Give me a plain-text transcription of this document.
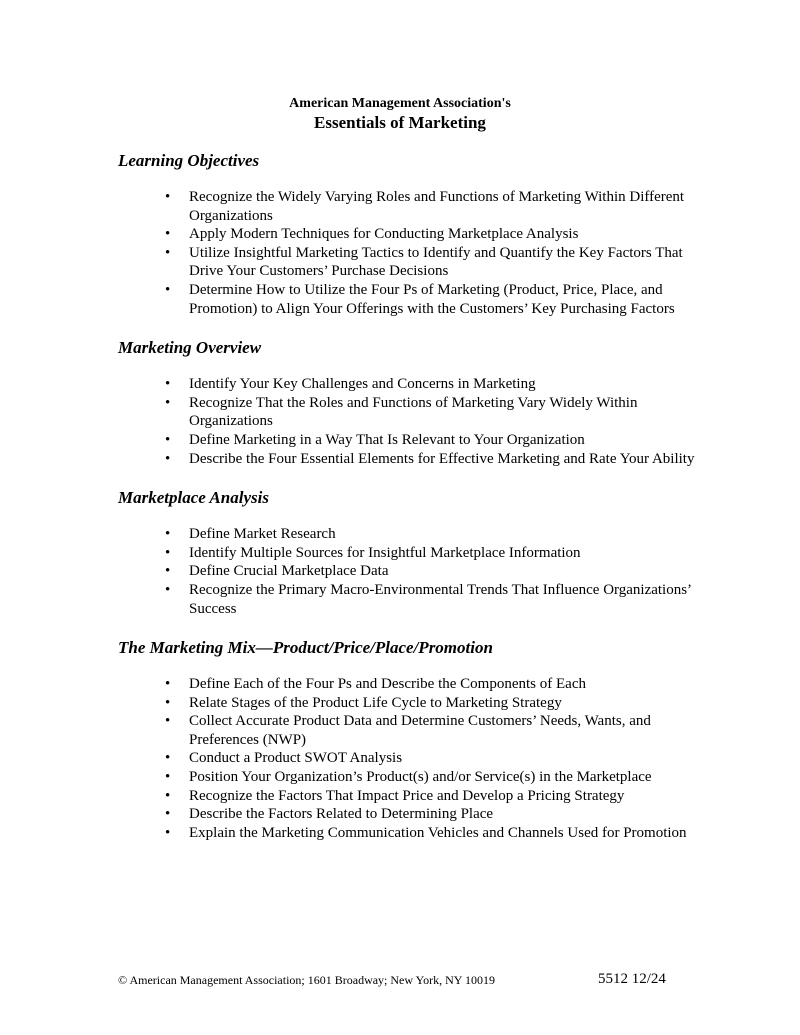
American Management Association's
Essentials of Marketing
Learning Objectives
• Recognize the Widely Varying Roles and Functions of Marketing Within Different Organizations
• Apply Modern Techniques for Conducting Marketplace Analysis
• Utilize Insightful Marketing Tactics to Identify and Quantify the Key Factors That Drive Your Customers’ Purchase Decisions
• Determine How to Utilize the Four Ps of Marketing (Product, Price, Place, and Promotion) to Align Your Offerings with the Customers’ Key Purchasing Factors
Marketing Overview
• Identify Your Key Challenges and Concerns in Marketing
• Recognize That the Roles and Functions of Marketing Vary Widely Within Organizations
• Define Marketing in a Way That Is Relevant to Your Organization
• Describe the Four Essential Elements for Effective Marketing and Rate Your Ability
Marketplace Analysis
• Define Market Research
• Identify Multiple Sources for Insightful Marketplace Information
• Define Crucial Marketplace Data
• Recognize the Primary Macro-Environmental Trends That Influence Organizations’ Success
The Marketing Mix—Product/Price/Place/Promotion
• Define Each of the Four Ps and Describe the Components of Each
• Relate Stages of the Product Life Cycle to Marketing Strategy
• Collect Accurate Product Data and Determine Customers’ Needs, Wants, and Preferences (NWP)
• Conduct a Product SWOT Analysis
• Position Your Organization’s Product(s) and/or Service(s) in the Marketplace
• Recognize the Factors That Impact Price and Develop a Pricing Strategy
• Describe the Factors Related to Determining Place
• Explain the Marketing Communication Vehicles and Channels Used for Promotion
© American Management Association; 1601 Broadway; New York, NY 10019	5512 12/24
